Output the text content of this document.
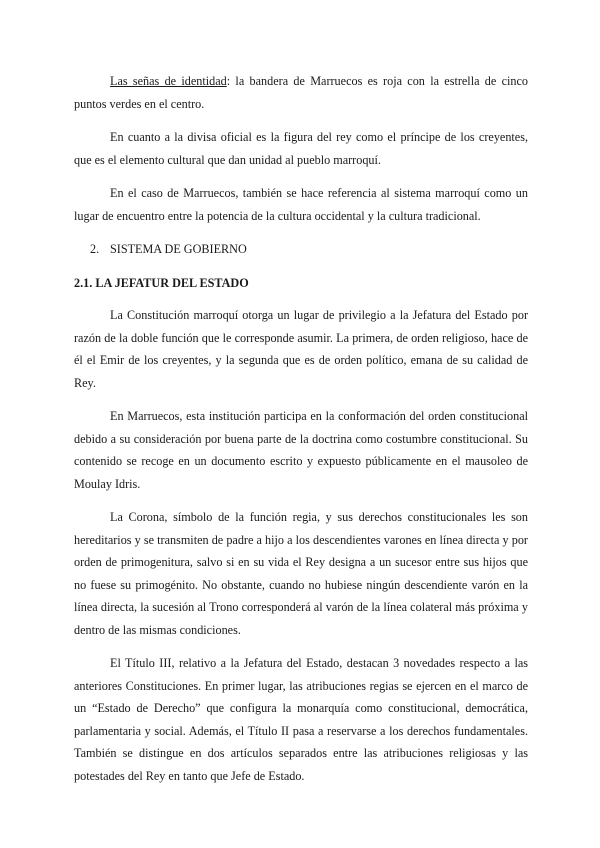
Las señas de identidad: la bandera de Marruecos es roja con la estrella de cinco puntos verdes en el centro.

En cuanto a la divisa oficial es la figura del rey como el príncipe de los creyentes, que es el elemento cultural que dan unidad al pueblo marroquí.

En el caso de Marruecos, también se hace referencia al sistema marroquí como un lugar de encuentro entre la potencia de la cultura occidental y la cultura tradicional.

2. SISTEMA DE GOBIERNO
2.1. LA JEFATUR DEL ESTADO

La Constitución marroquí otorga un lugar de privilegio a la Jefatura del Estado por razón de la doble función que le corresponde asumir. La primera, de orden religioso, hace de él el Emir de los creyentes, y la segunda que es de orden político, emana de su calidad de Rey.

En Marruecos, esta institución participa en la conformación del orden constitucional debido a su consideración por buena parte de la doctrina como costumbre constitucional. Su contenido se recoge en un documento escrito y expuesto públicamente en el mausoleo de Moulay Idris.

La Corona, símbolo de la función regia, y sus derechos constitucionales les son hereditarios y se transmiten de padre a hijo a los descendientes varones en línea directa y por orden de primogenitura, salvo si en su vida el Rey designa a un sucesor entre sus hijos que no fuese su primogénito. No obstante, cuando no hubiese ningún descendiente varón en la línea directa, la sucesión al Trono corresponderá al varón de la línea colateral más próxima y dentro de las mismas condiciones.

El Título III, relativo a la Jefatura del Estado, destacan 3 novedades respecto a las anteriores Constituciones. En primer lugar, las atribuciones regias se ejercen en el marco de un “Estado de Derecho” que configura la monarquía como constitucional, democrática, parlamentaria y social. Además, el Título II pasa a reservarse a los derechos fundamentales. También se distingue en dos artículos separados entre las atribuciones religiosas y las potestades del Rey en tanto que Jefe de Estado.
